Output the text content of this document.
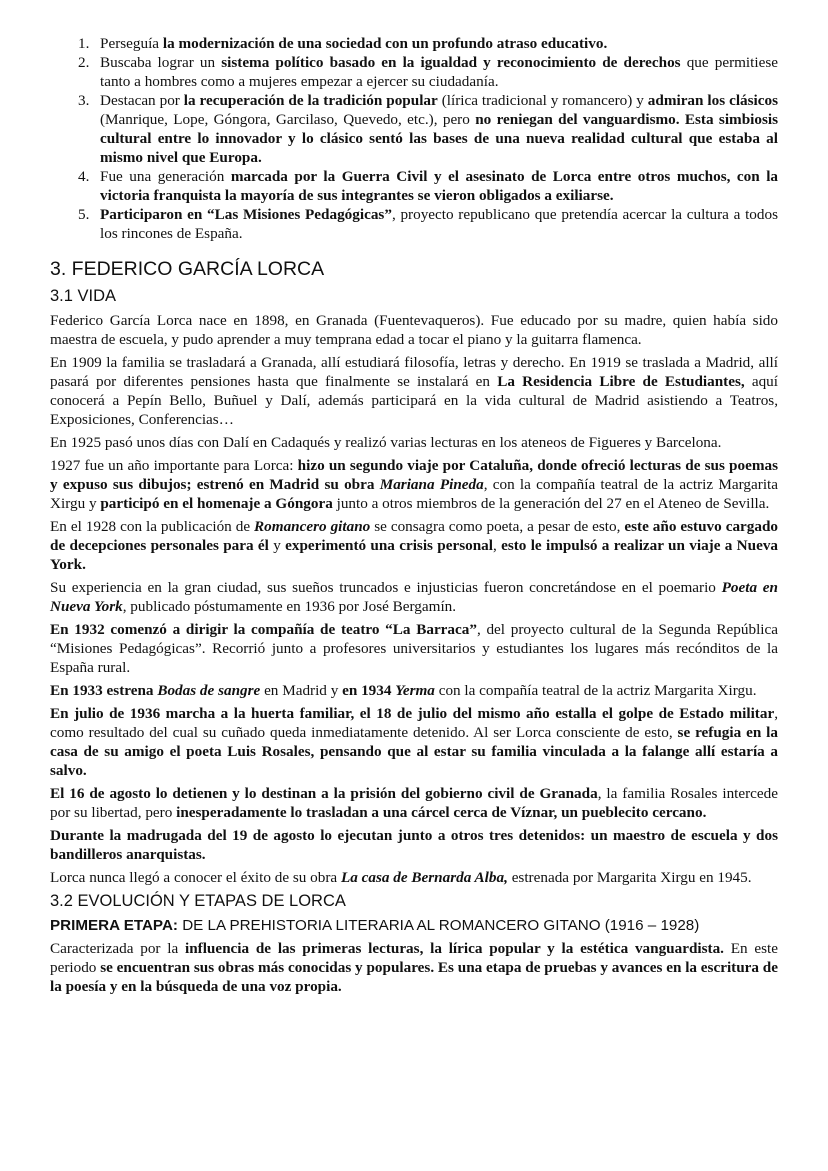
1. Perseguía la modernización de una sociedad con un profundo atraso educativo.
2. Buscaba lograr un sistema político basado en la igualdad y reconocimiento de derechos que permitiese tanto a hombres como a mujeres empezar a ejercer su ciudadanía.
3. Destacan por la recuperación de la tradición popular (lírica tradicional y romancero) y admiran los clásicos (Manrique, Lope, Góngora, Garcilaso, Quevedo, etc.), pero no reniegan del vanguardismo. Esta simbiosis cultural entre lo innovador y lo clásico sentó las bases de una nueva realidad cultural que estaba al mismo nivel que Europa.
4. Fue una generación marcada por la Guerra Civil y el asesinato de Lorca entre otros muchos, con la victoria franquista la mayoría de sus integrantes se vieron obligados a exiliarse.
5. Participaron en “Las Misiones Pedagógicas”, proyecto republicano que pretendía acercar la cultura a todos los rincones de España.
3. FEDERICO GARCÍA LORCA
3.1 VIDA

Federico García Lorca nace en 1898, en Granada (Fuentevaqueros). Fue educado por su madre, quien había sido maestra de escuela, y pudo aprender a muy temprana edad a tocar el piano y la guitarra flamenca.

En 1909 la familia se trasladará a Granada, allí estudiará filosofía, letras y derecho. En 1919 se traslada a Madrid, allí pasará por diferentes pensiones hasta que finalmente se instalará en La Residencia Libre de Estudiantes, aquí conocerá a Pepín Bello, Buñuel y Dalí, además participará en la vida cultural de Madrid asistiendo a Teatros, Exposiciones, Conferencias…

En 1925 pasó unos días con Dalí en Cadaqués y realizó varias lecturas en los ateneos de Figueres y Barcelona.

1927 fue un año importante para Lorca: hizo un segundo viaje por Cataluña, donde ofreció lecturas de sus poemas y expuso sus dibujos; estrenó en Madrid su obra Mariana Pineda, con la compañía teatral de la actriz Margarita Xirgu y participó en el homenaje a Góngora junto a otros miembros de la generación del 27 en el Ateneo de Sevilla.

En el 1928 con la publicación de Romancero gitano se consagra como poeta, a pesar de esto, este año estuvo cargado de decepciones personales para él y experimentó una crisis personal, esto le impulsó a realizar un viaje a Nueva York.

Su experiencia en la gran ciudad, sus sueños truncados e injusticias fueron concretándose en el poemario Poeta en Nueva York, publicado póstumamente en 1936 por José Bergamín.

En 1932 comenzó a dirigir la compañía de teatro “La Barraca”, del proyecto cultural de la Segunda República “Misiones Pedagógicas”. Recorrió junto a profesores universitarios y estudiantes los lugares más recónditos de la España rural.

En 1933 estrena Bodas de sangre en Madrid y en 1934 Yerma con la compañía teatral de la actriz Margarita Xirgu.

En julio de 1936 marcha a la huerta familiar, el 18 de julio del mismo año estalla el golpe de Estado militar, como resultado del cual su cuñado queda inmediatamente detenido. Al ser Lorca consciente de esto, se refugia en la casa de su amigo el poeta Luis Rosales, pensando que al estar su familia vinculada a la falange allí estaría a salvo.

El 16 de agosto lo detienen y lo destinan a la prisión del gobierno civil de Granada, la familia Rosales intercede por su libertad, pero inesperadamente lo trasladan a una cárcel cerca de Víznar, un pueblecito cercano.

Durante la madrugada del 19 de agosto lo ejecutan junto a otros tres detenidos: un maestro de escuela y dos bandilleros anarquistas.

Lorca nunca llegó a conocer el éxito de su obra La casa de Bernarda Alba, estrenada por Margarita Xirgu en 1945.

3.2 EVOLUCIÓN Y ETAPAS DE LORCA

PRIMERA ETAPA: DE LA PREHISTORIA LITERARIA AL ROMANCERO GITANO (1916 – 1928)

Caracterizada por la influencia de las primeras lecturas, la lírica popular y la estética vanguardista. En este periodo se encuentran sus obras más conocidas y populares. Es una etapa de pruebas y avances en la escritura de la poesía y en la búsqueda de una voz propia.
